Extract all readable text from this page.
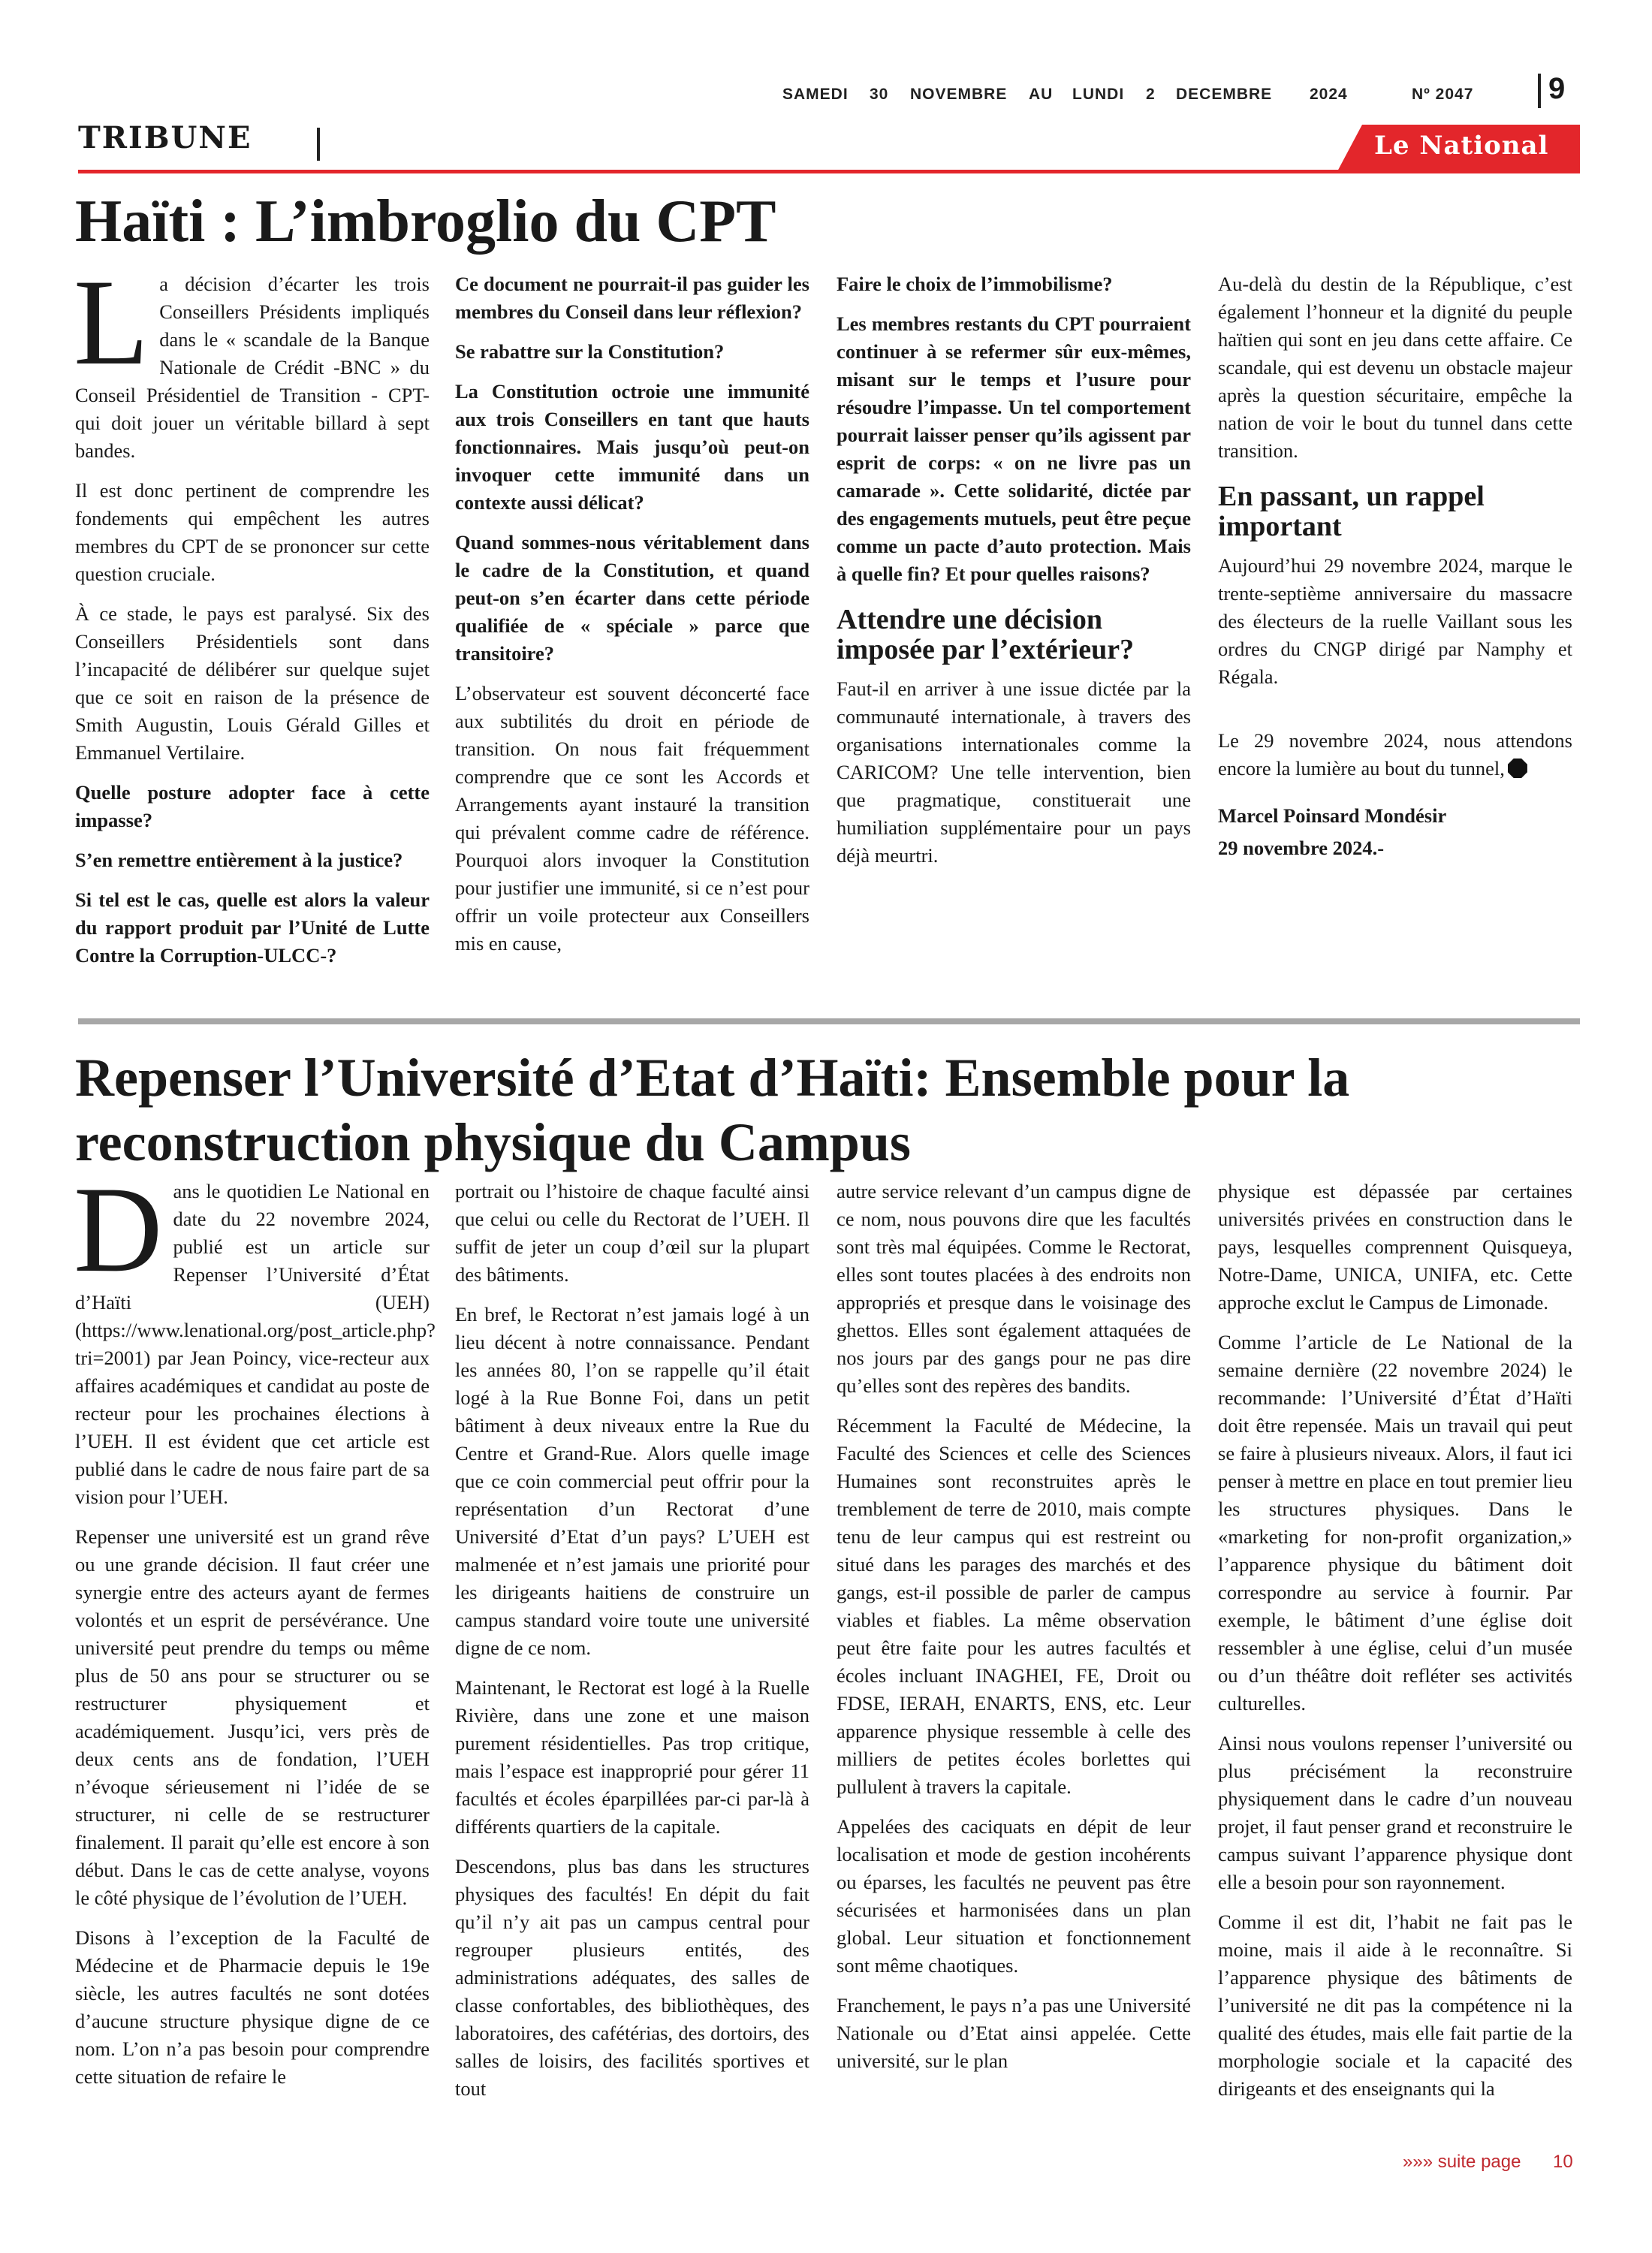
SAMEDI 30 NOVEMBRE AU LUNDI 2 DECEMBRE 2024	Nº 2047 9
TRIBUNE	Le National
Haïti : L’imbroglio du CPT

La décision d’écarter les trois Conseillers Présidents impliqués dans le « scandale de la Banque Nationale de Crédit -BNC » du Conseil Présidentiel de Transition - CPT- qui doit jouer un véritable billard à sept bandes.

Il est donc pertinent de comprendre les fondements qui empêchent les autres membres du CPT de se prononcer sur cette question cruciale.

À ce stade, le pays est paralysé. Six des Conseillers Présidentiels sont dans l’incapacité de délibérer sur quelque sujet que ce soit en raison de la présence de Smith Augustin, Louis Gérald Gilles et Emmanuel Vertilaire.

Quelle posture adopter face à cette impasse?

S’en remettre entièrement à la justice?

Si tel est le cas, quelle est alors la valeur du rapport produit par l’Unité de Lutte Contre la Corruption-ULCC-?

Ce document ne pourrait-il pas guider les membres du Conseil dans leur réflexion?

Se rabattre sur la Constitution?

La Constitution octroie une immunité aux trois Conseillers en tant que hauts fonctionnaires. Mais jusqu’où peut-on invoquer cette immunité dans un contexte aussi délicat?

Quand sommes-nous véritablement dans le cadre de la Constitution, et quand peut-on s’en écarter dans cette période qualifiée de « spéciale » parce que transitoire?

L’observateur est souvent déconcerté face aux subtilités du droit en période de transition. On nous fait fréquemment comprendre que ce sont les Accords et Arrangements ayant instauré la transition qui prévalent comme cadre de référence. Pourquoi alors invoquer la Constitution pour justifier une immunité, si ce n’est pour offrir un voile protecteur aux Conseillers mis en cause,

Faire le choix de l’immobilisme?

Les membres restants du CPT pourraient continuer à se refermer sûr eux-mêmes, misant sur le temps et l’usure pour résoudre l’impasse. Un tel comportement pourrait laisser penser qu’ils agissent par esprit de corps: « on ne livre pas un camarade ». Cette solidarité, dictée par des engagements mutuels, peut être peçue comme un pacte d’auto protection. Mais à quelle fin? Et pour quelles raisons?

Attendre une décision imposée par l’extérieur?

Faut-il en arriver à une issue dictée par la communauté internationale, à travers des organisations internationales comme la CARICOM? Une telle intervention, bien que pragmatique, constituerait une humiliation supplémentaire pour un pays déjà meurtri.

Au-delà du destin de la République, c’est également l’honneur et la dignité du peuple haïtien qui sont en jeu dans cette affaire. Ce scandale, qui est devenu un obstacle majeur après la question sécuritaire, empêche la nation de voir le bout du tunnel dans cette transition.

En passant, un rappel important

Aujourd’hui 29 novembre 2024, marque le trente-septième anniversaire du massacre des électeurs de la ruelle Vaillant sous les ordres du CNGP dirigé par Namphy et Régala.

Le 29 novembre 2024, nous attendons encore la lumière au bout du tunnel,

Marcel Poinsard Mondésir

29 novembre 2024.-

Repenser l’Université d’Etat d’Haïti: Ensemble pour la reconstruction physique du Campus

Dans le quotidien Le National en date du 22 novembre 2024, publié est un article sur Repenser l’Université d’État d’Haïti (UEH) (https://www.lenational.org/post_article.php?tri=2001) par Jean Poincy, vice-recteur aux affaires académiques et candidat au poste de recteur pour les prochaines élections à l’UEH. Il est évident que cet article est publié dans le cadre de nous faire part de sa vision pour l’UEH.

Repenser une université est un grand rêve ou une grande décision. Il faut créer une synergie entre des acteurs ayant de fermes volontés et un esprit de persévérance. Une université peut prendre du temps ou même plus de 50 ans pour se structurer ou se restructurer physiquement et académiquement. Jusqu’ici, vers près de deux cents ans de fondation, l’UEH n’évoque sérieusement ni l’idée de se structurer, ni celle de se restructurer finalement. Il parait qu’elle est encore à son début. Dans le cas de cette analyse, voyons le côté physique de l’évolution de l’UEH.

Disons à l’exception de la Faculté de Médecine et de Pharmacie depuis le 19e siècle, les autres facultés ne sont dotées d’aucune structure physique digne de ce nom. L’on n’a pas besoin pour comprendre cette situation de refaire le

portrait ou l’histoire de chaque faculté ainsi que celui ou celle du Rectorat de l’UEH. Il suffit de jeter un coup d’œil sur la plupart des bâtiments.

En bref, le Rectorat n’est jamais logé à un lieu décent à notre connaissance. Pendant les années 80, l’on se rappelle qu’il était logé à la Rue Bonne Foi, dans un petit bâtiment à deux niveaux entre la Rue du Centre et Grand-Rue. Alors quelle image que ce coin commercial peut offrir pour la représentation d’un Rectorat d’une Université d’Etat d’un pays? L’UEH est malmenée et n’est jamais une priorité pour les dirigeants haitiens de construire un campus standard voire toute une université digne de ce nom.

Maintenant, le Rectorat est logé à la Ruelle Rivière, dans une zone et une maison purement résidentielles. Pas trop critique, mais l’espace est inapproprié pour gérer 11 facultés et écoles éparpillées par-ci par-là à différents quartiers de la capitale.

Descendons, plus bas dans les structures physiques des facultés! En dépit du fait qu’il n’y ait pas un campus central pour regrouper plusieurs entités, des administrations adéquates, des salles de classe confortables, des bibliothèques, des laboratoires, des cafétérias, des dortoirs, des salles de loisirs, des facilités sportives et tout

autre service relevant d’un campus digne de ce nom, nous pouvons dire que les facultés sont très mal équipées. Comme le Rectorat, elles sont toutes placées à des endroits non appropriés et presque dans le voisinage des ghettos. Elles sont également attaquées de nos jours par des gangs pour ne pas dire qu’elles sont des repères des bandits.

Récemment la Faculté de Médecine, la Faculté des Sciences et celle des Sciences Humaines sont reconstruites après le tremblement de terre de 2010, mais compte tenu de leur campus qui est restreint ou situé dans les parages des marchés et des gangs, est-il possible de parler de campus viables et fiables. La même observation peut être faite pour les autres facultés et écoles incluant INAGHEI, FE, Droit ou FDSE, IERAH, ENARTS, ENS, etc. Leur apparence physique ressemble à celle des milliers de petites écoles borlettes qui pullulent à travers la capitale.

Appelées des caciquats en dépit de leur localisation et mode de gestion incohérents ou éparses, les facultés ne peuvent pas être sécurisées et harmonisées dans un plan global. Leur situation et fonctionnement sont même chaotiques.

Franchement, le pays n’a pas une Université Nationale ou d’Etat ainsi appelée. Cette université, sur le plan

physique est dépassée par certaines universités privées en construction dans le pays, lesquelles comprennent Quisqueya, Notre-Dame, UNICA, UNIFA, etc. Cette approche exclut le Campus de Limonade.

Comme l’article de Le National de la semaine dernière (22 novembre 2024) le recommande: l’Université d’État d’Haïti doit être repensée. Mais un travail qui peut se faire à plusieurs niveaux. Alors, il faut ici penser à mettre en place en tout premier lieu les structures physiques. Dans le «marketing for non-profit organization,» l’apparence physique du bâtiment doit correspondre au service à fournir. Par exemple, le bâtiment d’une église doit ressembler à une église, celui d’un musée ou d’un théâtre doit refléter ses activités culturelles.

Ainsi nous voulons repenser l’université ou plus précisément la reconstruire physiquement dans le cadre d’un nouveau projet, il faut penser grand et reconstruire le campus suivant l’apparence physique dont elle a besoin pour son rayonnement.

Comme il est dit, l’habit ne fait pas le moine, mais il aide à le reconnaître. Si l’apparence physique des bâtiments de l’université ne dit pas la compétence ni la qualité des études, mais elle fait partie de la morphologie sociale et la capacité des dirigeants et des enseignants qui la

»»» suite page 10
